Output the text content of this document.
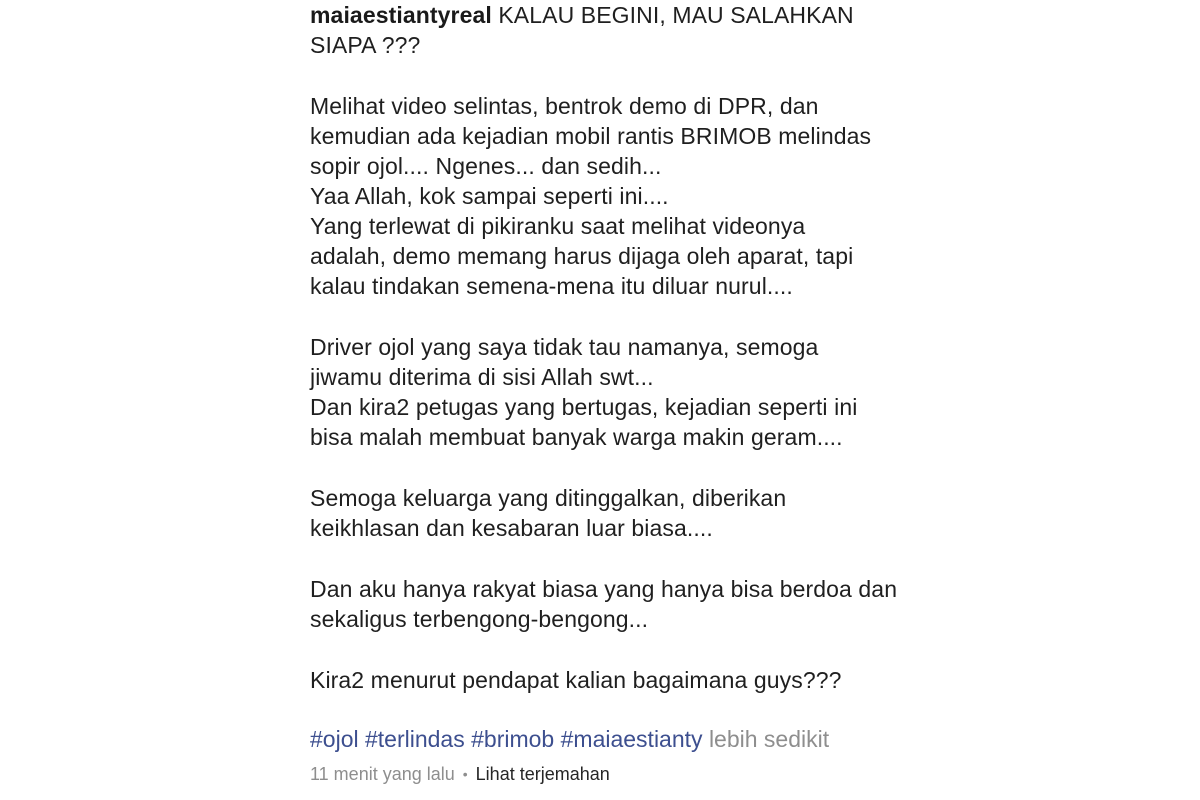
maiaestiantyreal KALAU BEGINI, MAU SALAHKAN
SIAPA ???
Melihat video selintas, bentrok demo di DPR, dan
kemudian ada kejadian mobil rantis BRIMOB melindas
sopir ojol.... Ngenes... dan sedih...
Yaa Allah, kok sampai seperti ini....
Yang terlewat di pikiranku saat melihat videonya
adalah, demo memang harus dijaga oleh aparat, tapi
kalau tindakan semena-mena itu diluar nurul....
Driver ojol yang saya tidak tau namanya, semoga
jiwamu diterima di sisi Allah swt...
Dan kira2 petugas yang bertugas, kejadian seperti ini
bisa malah membuat banyak warga makin geram....
Semoga keluarga yang ditinggalkan, diberikan
keikhlasan dan kesabaran luar biasa....
Dan aku hanya rakyat biasa yang hanya bisa berdoa dan
sekaligus terbengong-bengong...
Kira2 menurut pendapat kalian bagaimana guys???
#ojol #terlindas #brimob #maiaestianty lebih sedikit
11 menit yang lalu • Lihat terjemahan
